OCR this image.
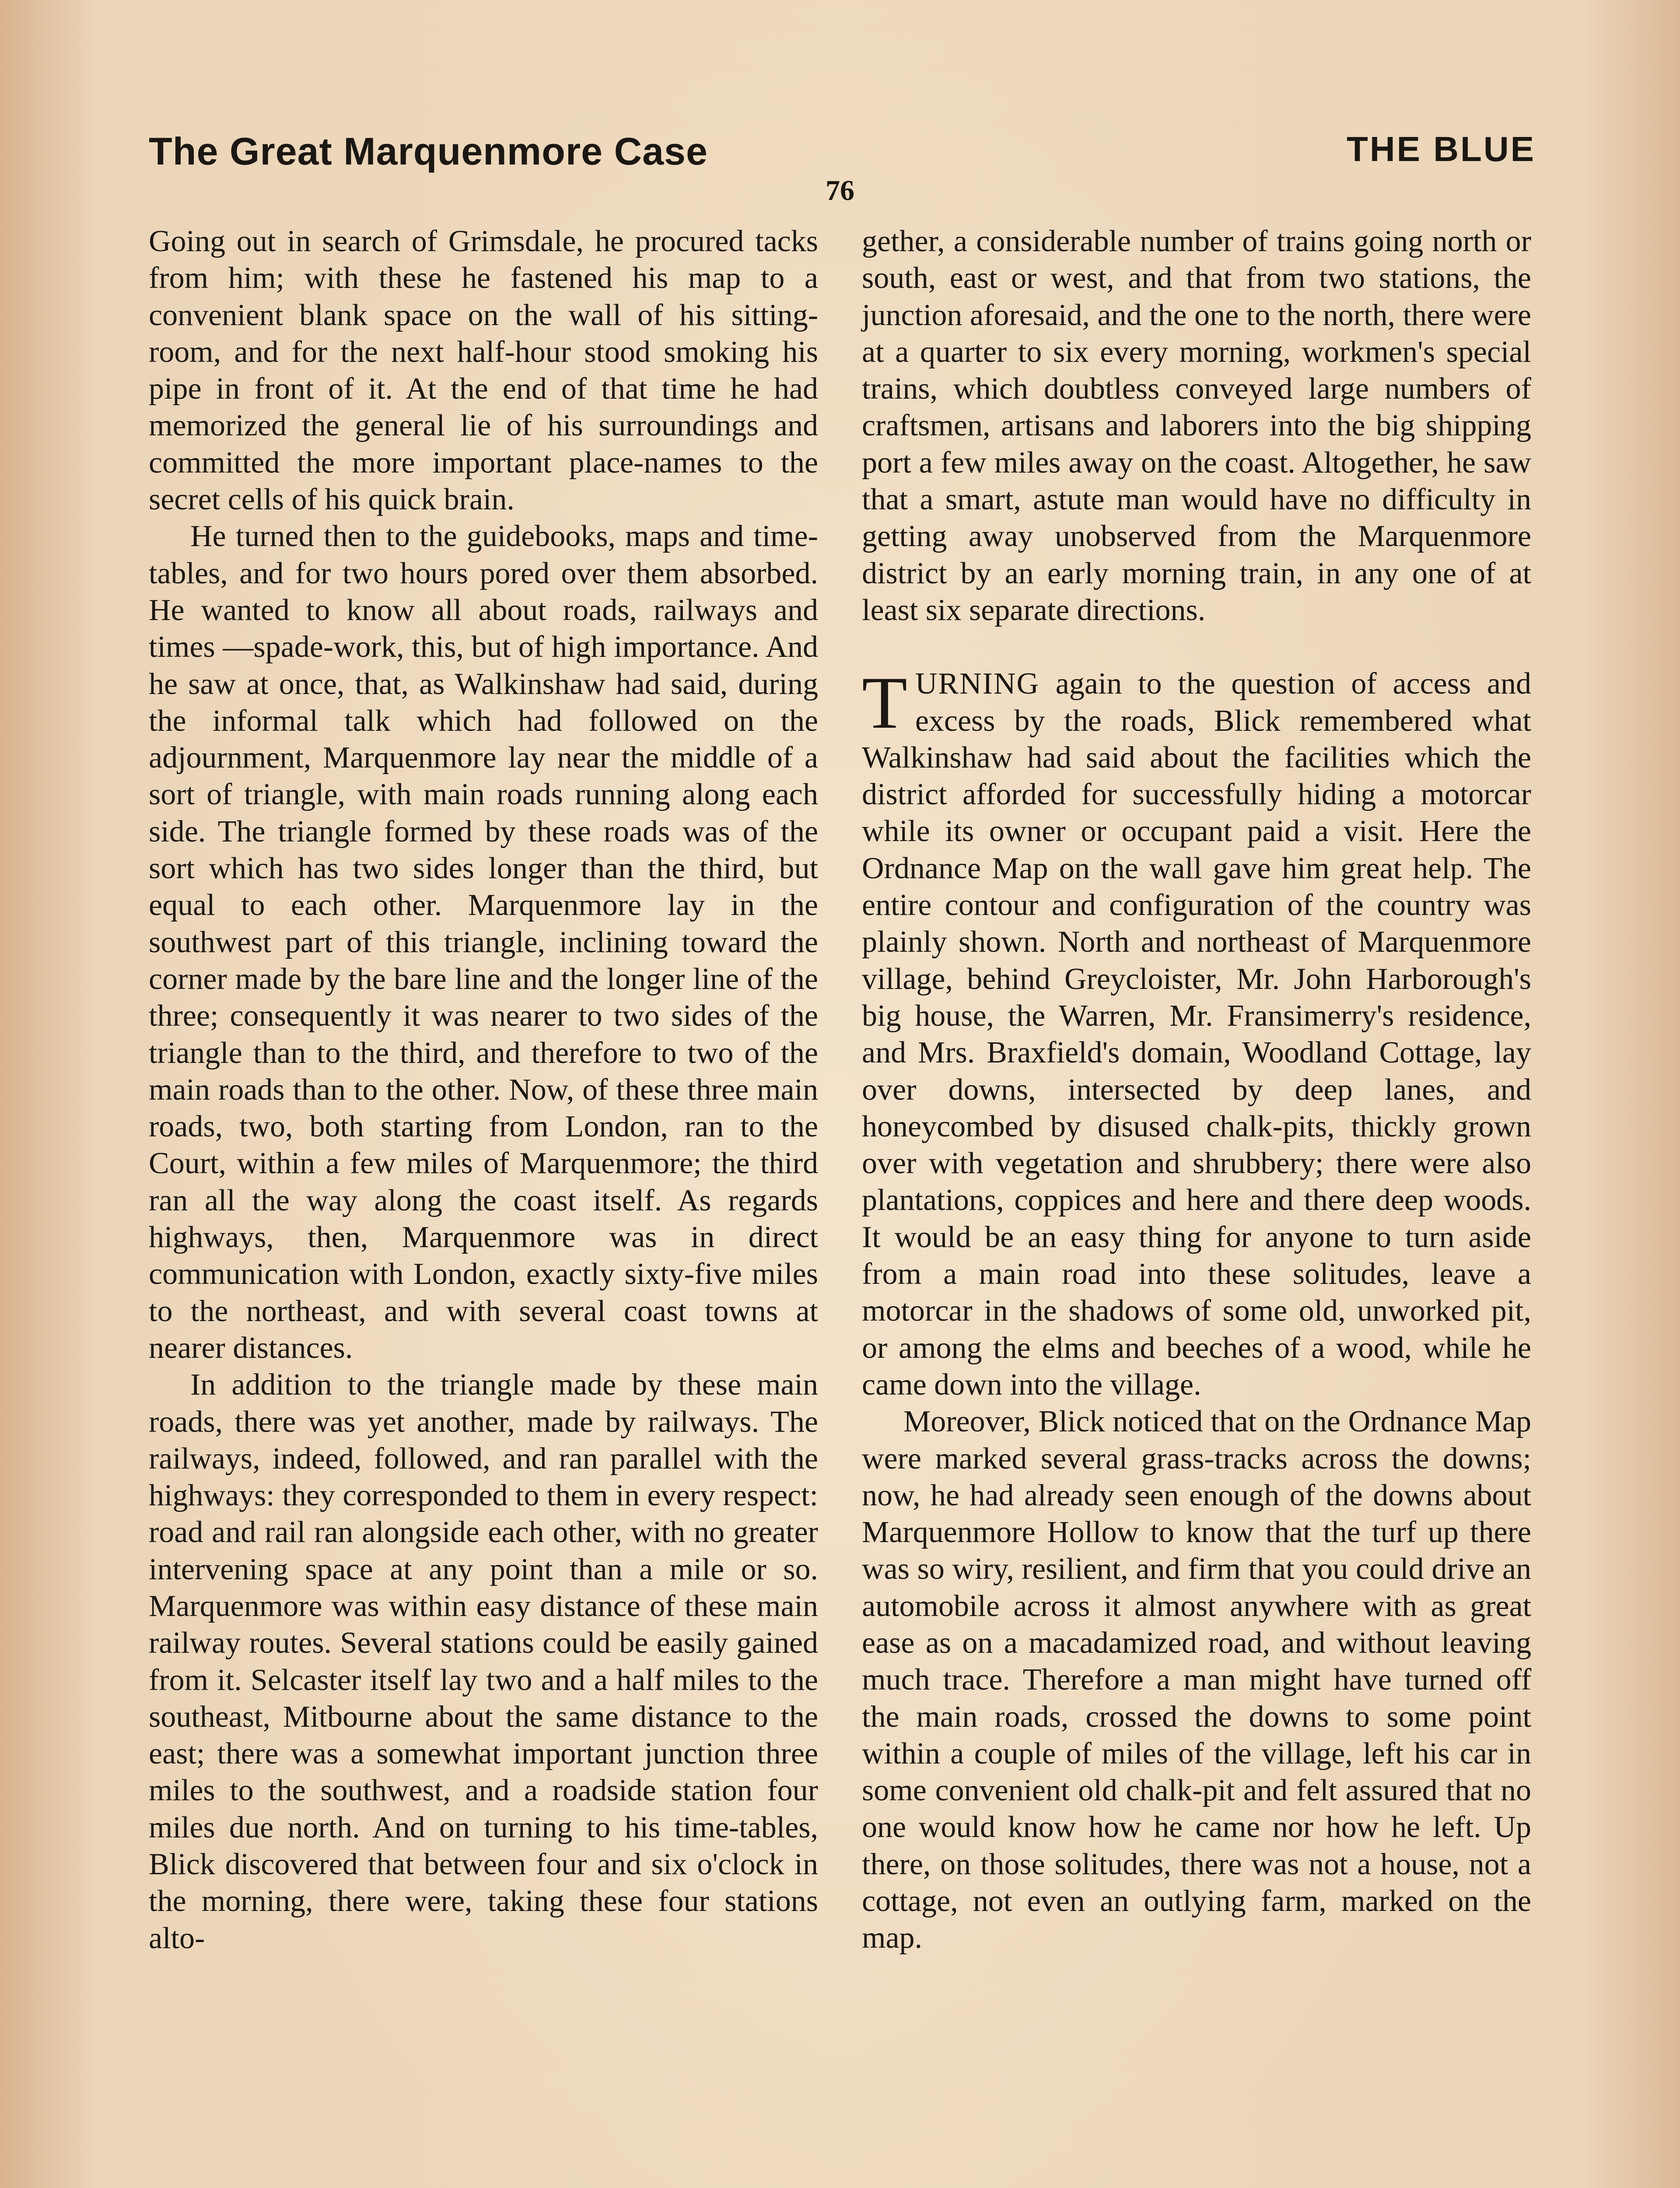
The Great Marquenmore Case	THE BLUE
76

Going out in search of Grimsdale, he procured tacks from him; with these he fastened his map to a convenient blank space on the wall of his sitting-room, and for the next half-hour stood smoking his pipe in front of it. At the end of that time he had memorized the general lie of his surroundings and committed the more important place-names to the secret cells of his quick brain.

He turned then to the guidebooks, maps and time-tables, and for two hours pored over them absorbed. He wanted to know all about roads, railways and times —spade-work, this, but of high importance. And he saw at once, that, as Walkinshaw had said, during the informal talk which had followed on the adjournment, Marquenmore lay near the middle of a sort of triangle, with main roads running along each side. The triangle formed by these roads was of the sort which has two sides longer than the third, but equal to each other. Marquenmore lay in the southwest part of this triangle, inclining toward the corner made by the bare line and the longer line of the three; consequently it was nearer to two sides of the triangle than to the third, and therefore to two of the main roads than to the other. Now, of these three main roads, two, both starting from London, ran to the Court, within a few miles of Marquenmore; the third ran all the way along the coast itself. As regards highways, then, Marquenmore was in direct communication with London, exactly sixty-five miles to the northeast, and with several coast towns at nearer distances.

In addition to the triangle made by these main roads, there was yet another, made by railways. The railways, indeed, followed, and ran parallel with the highways: they corresponded to them in every respect: road and rail ran alongside each other, with no greater intervening space at any point than a mile or so. Marquenmore was within easy distance of these main railway routes. Several stations could be easily gained from it. Selcaster itself lay two and a half miles to the southeast, Mitbourne about the same distance to the east; there was a somewhat important junction three miles to the southwest, and a roadside station four miles due north. And on turning to his time-tables, Blick discovered that between four and six o'clock in the morning, there were, taking these four stations alto-

gether, a considerable number of trains going north or south, east or west, and that from two stations, the junction aforesaid, and the one to the north, there were at a quarter to six every morning, workmen's special trains, which doubtless conveyed large numbers of craftsmen, artisans and laborers into the big shipping port a few miles away on the coast. Altogether, he saw that a smart, astute man would have no difficulty in getting away unobserved from the Marquenmore district by an early morning train, in any one of at least six separate directions.

TURNING again to the question of access and excess by the roads, Blick remembered what Walkinshaw had said about the facilities which the district afforded for successfully hiding a motorcar while its owner or occupant paid a visit. Here the Ordnance Map on the wall gave him great help. The entire contour and configuration of the country was plainly shown. North and northeast of Marquenmore village, behind Greycloister, Mr. John Harborough's big house, the Warren, Mr. Fransimerry's residence, and Mrs. Braxfield's domain, Woodland Cottage, lay over downs, intersected by deep lanes, and honeycombed by disused chalk-pits, thickly grown over with vegetation and shrubbery; there were also plantations, coppices and here and there deep woods. It would be an easy thing for anyone to turn aside from a main road into these solitudes, leave a motorcar in the shadows of some old, unworked pit, or among the elms and beeches of a wood, while he came down into the village.

Moreover, Blick noticed that on the Ordnance Map were marked several grass-tracks across the downs; now, he had already seen enough of the downs about Marquenmore Hollow to know that the turf up there was so wiry, resilient, and firm that you could drive an automobile across it almost anywhere with as great ease as on a macadamized road, and without leaving much trace. Therefore a man might have turned off the main roads, crossed the downs to some point within a couple of miles of the village, left his car in some convenient old chalk-pit and felt assured that no one would know how he came nor how he left. Up there, on those solitudes, there was not a house, not a cottage, not even an outlying farm, marked on the map.
